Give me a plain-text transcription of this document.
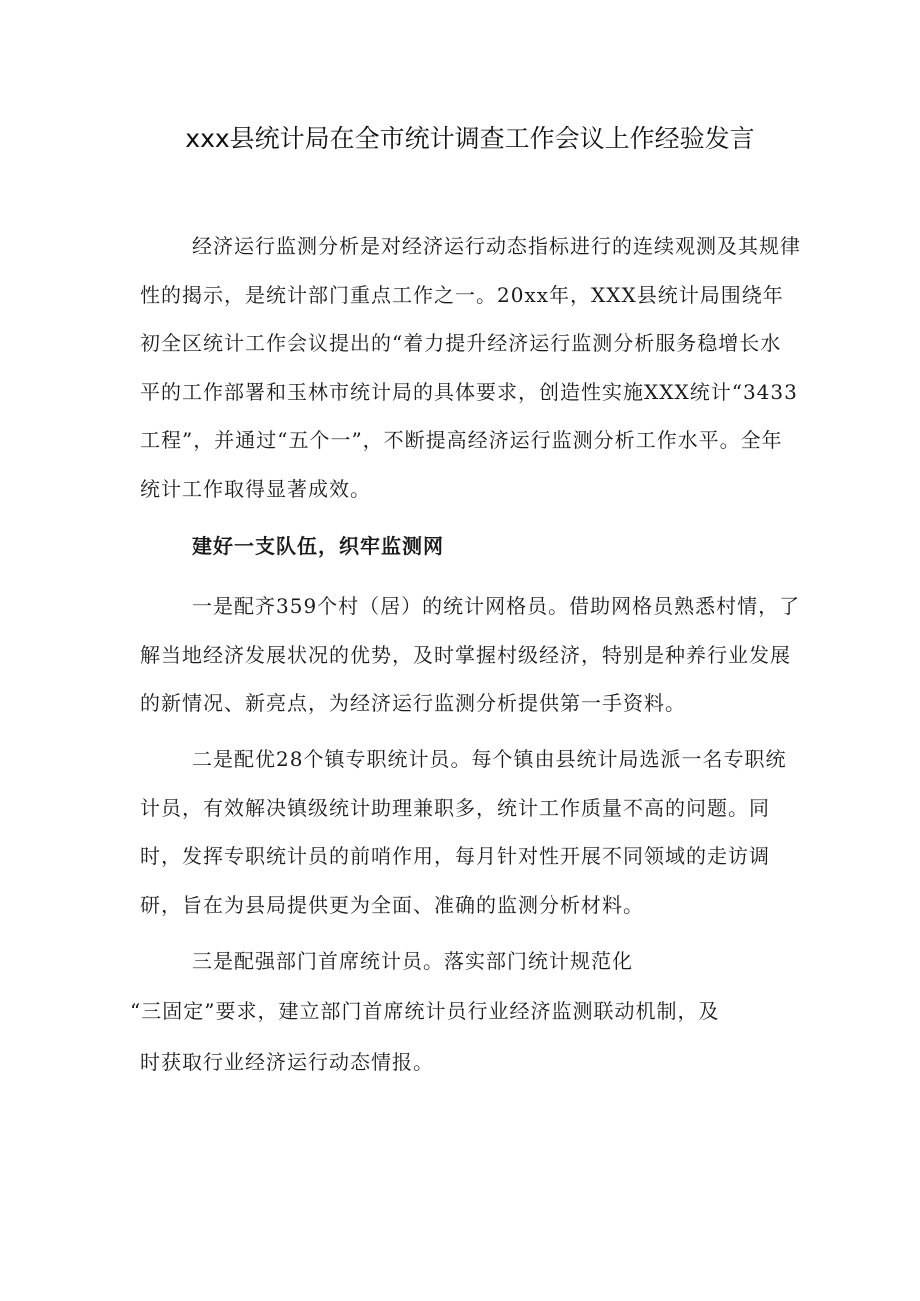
xxx县统计局在全市统计调查工作会议上作经验发言

经济运行监测分析是对经济运行动态指标进行的连续观测及其规律性的揭示，是统计部门重点工作之一。20xx年，XXX县统计局围绕年初全区统计工作会议提出的“着力提升经济运行监测分析服务稳增长水平的工作部署和玉林市统计局的具体要求，创造性实施XXX统计“3433工程”，并通过“五个一”，不断提高经济运行监测分析工作水平。全年统计工作取得显著成效。

建好一支队伍，织牢监测网

一是配齐359个村（居）的统计网格员。借助网格员熟悉村情，了解当地经济发展状况的优势，及时掌握村级经济，特别是种养行业发展的新情况、新亮点，为经济运行监测分析提供第一手资料。

二是配优28个镇专职统计员。每个镇由县统计局选派一名专职统计员，有效解决镇级统计助理兼职多，统计工作质量不高的问题。同时，发挥专职统计员的前哨作用，每月针对性开展不同领域的走访调研，旨在为县局提供更为全面、准确的监测分析材料。

三是配强部门首席统计员。落实部门统计规范化
“三固定”要求，建立部门首席统计员行业经济监测联动机制，及
时获取行业经济运行动态情报。
